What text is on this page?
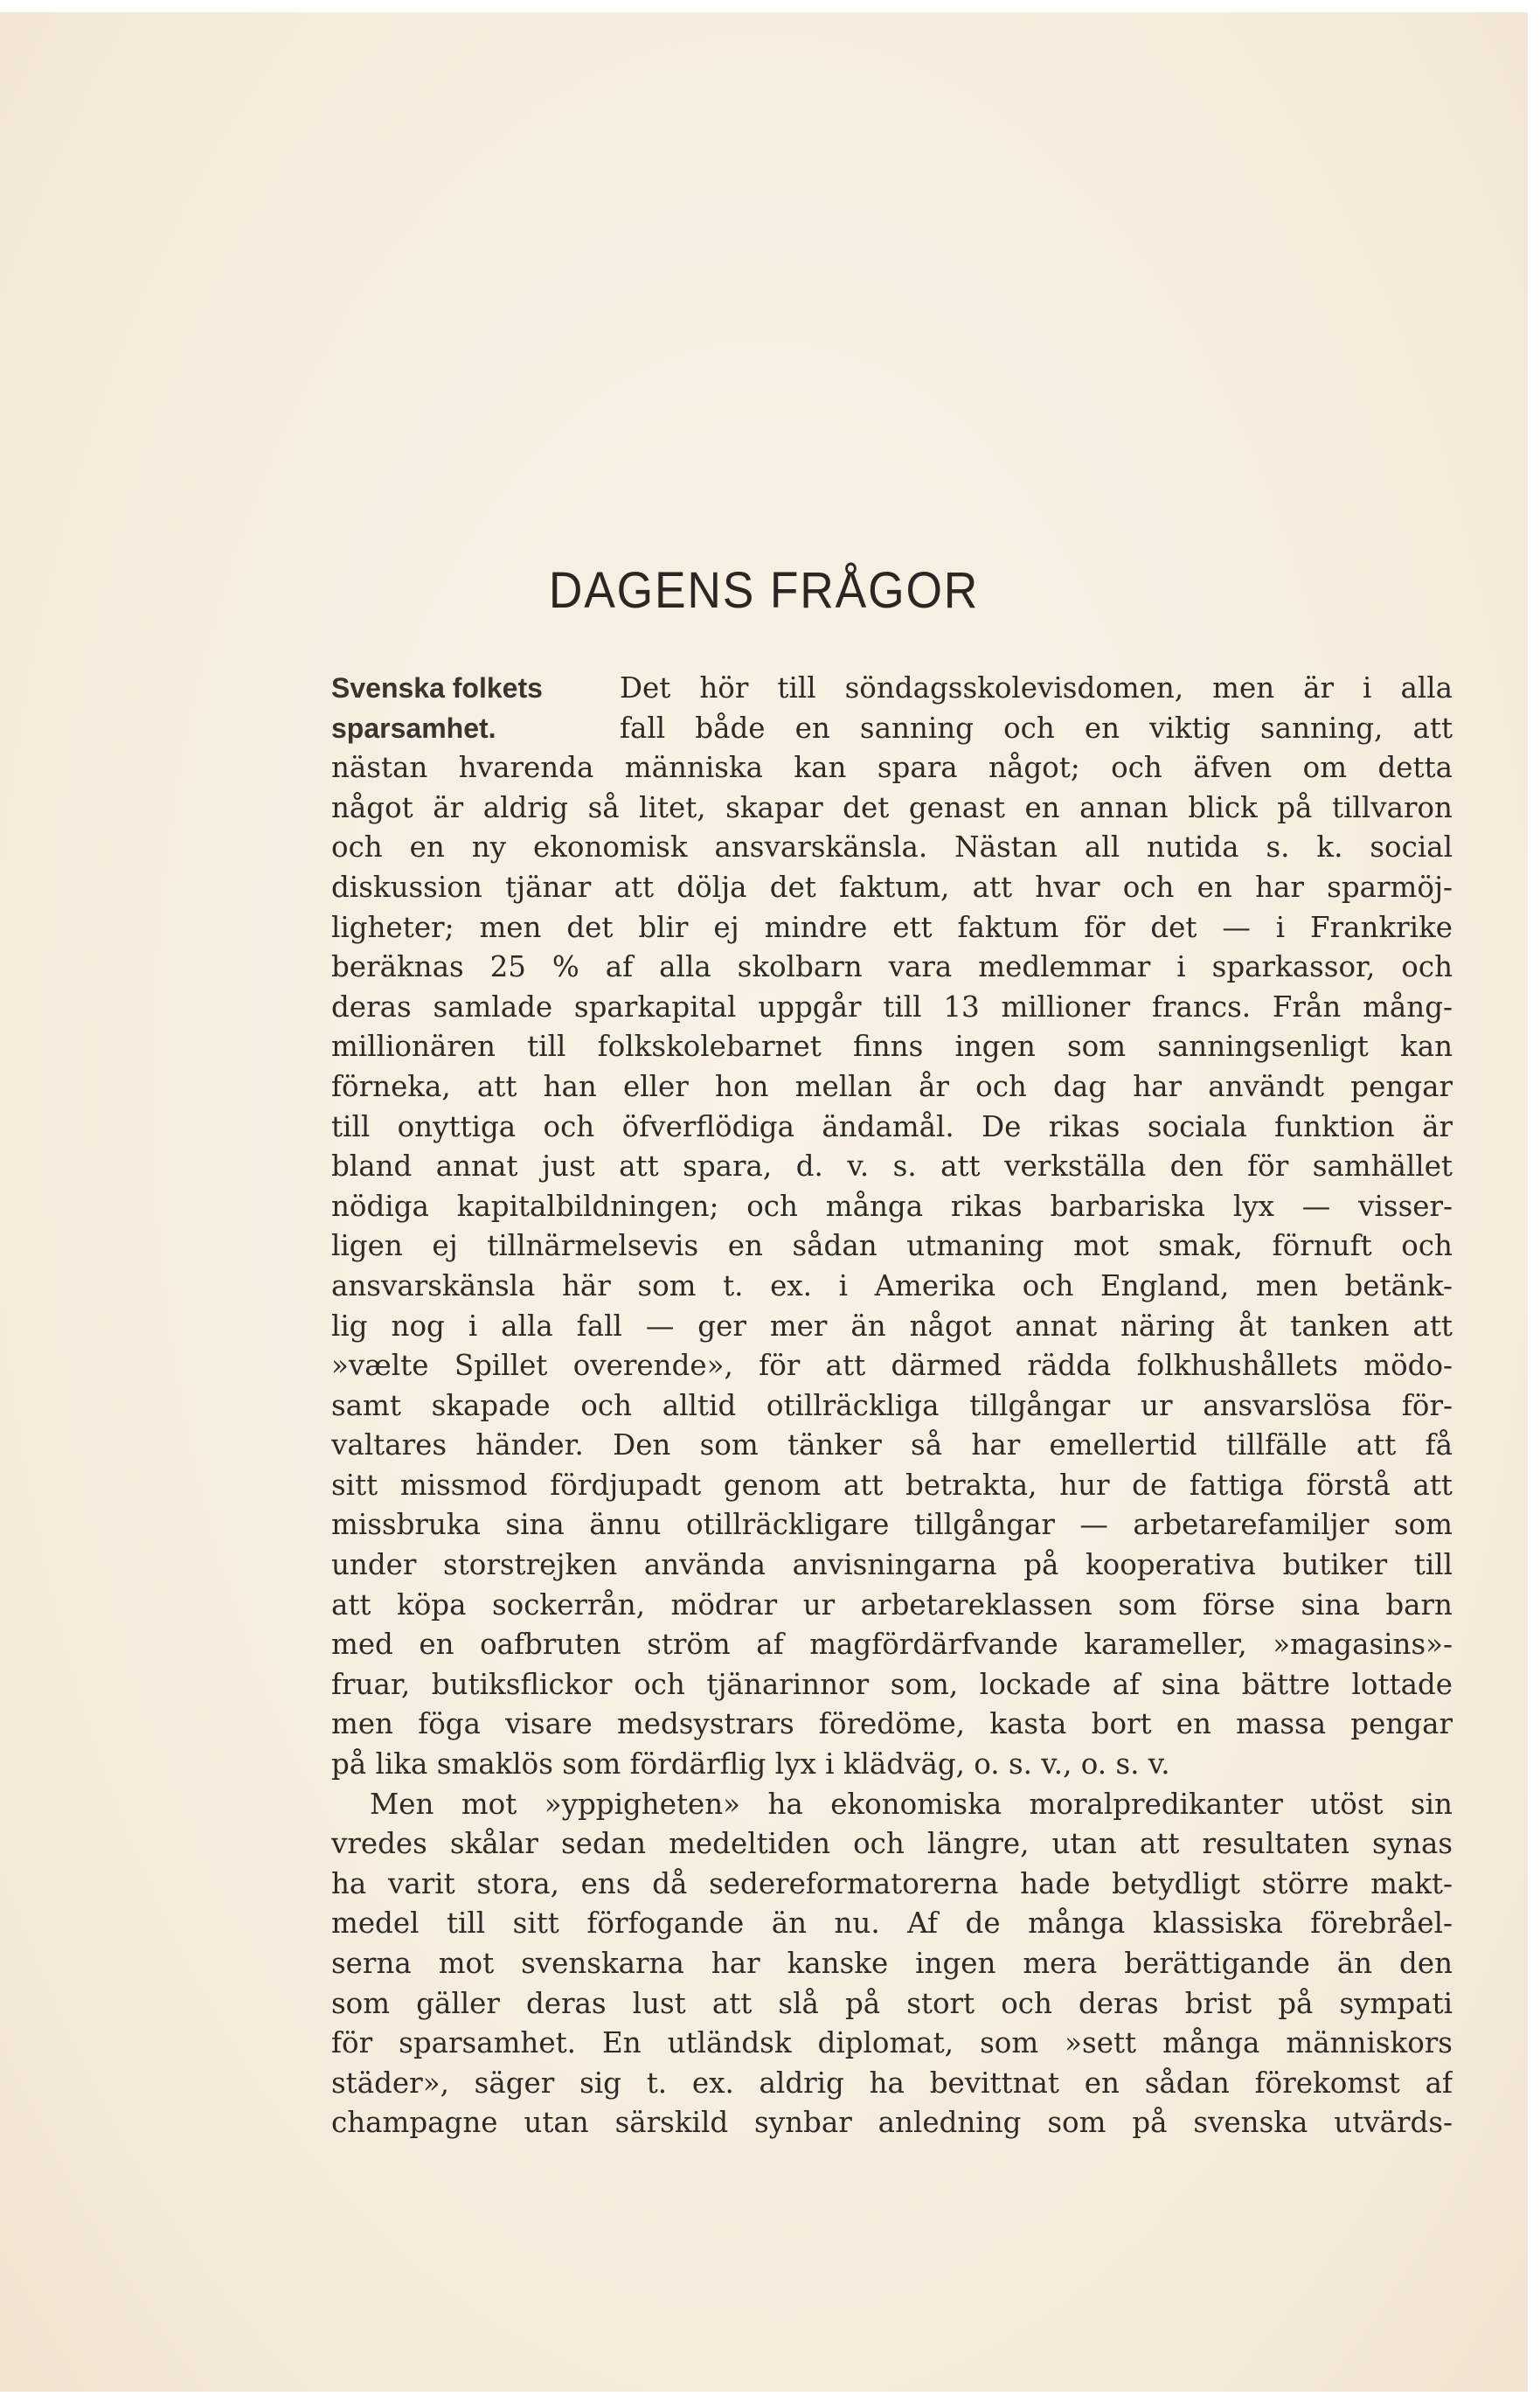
DAGENS FRÅGOR
Svenska folkets	Det hör till söndagsskolevisdomen, men är i alla
sparsamhet.	fall både en sanning och en viktig sanning, att
nästan hvarenda människa kan spara något; och äfven om detta
något är aldrig så litet, skapar det genast en annan blick på tillvaron
och en ny ekonomisk ansvarskänsla. Nästan all nutida s. k. social
diskussion tjänar att dölja det faktum, att hvar och en har sparmöj-
ligheter; men det blir ej mindre ett faktum för det — i Frankrike
beräknas 25 % af alla skolbarn vara medlemmar i sparkassor, och
deras samlade sparkapital uppgår till 13 millioner francs. Från mång-
millionären till folkskolebarnet finns ingen som sanningsenligt kan
förneka, att han eller hon mellan år och dag har användt pengar
till onyttiga och öfverflödiga ändamål. De rikas sociala funktion är
bland annat just att spara, d. v. s. att verkställa den för samhället
nödiga kapitalbildningen; och många rikas barbariska lyx — visser-
ligen ej tillnärmelsevis en sådan utmaning mot smak, förnuft och
ansvarskänsla här som t. ex. i Amerika och England, men betänk-
lig nog i alla fall — ger mer än något annat näring åt tanken att
»vælte Spillet overende», för att därmed rädda folkhushållets mödo-
samt skapade och alltid otillräckliga tillgångar ur ansvarslösa för-
valtares händer. Den som tänker så har emellertid tillfälle att få
sitt missmod fördjupadt genom att betrakta, hur de fattiga förstå att
missbruka sina ännu otillräckligare tillgångar — arbetarefamiljer som
under storstrejken använda anvisningarna på kooperativa butiker till
att köpa sockerrån, mödrar ur arbetareklassen som förse sina barn
med en oafbruten ström af magfördärfvande karameller, »magasins»-
fruar, butiksflickor och tjänarinnor som, lockade af sina bättre lottade
men föga visare medsystrars föredöme, kasta bort en massa pengar
på lika smaklös som fördärflig lyx i klädväg, o. s. v., o. s. v.
Men mot »yppigheten» ha ekonomiska moralpredikanter utöst sin
vredes skålar sedan medeltiden och längre, utan att resultaten synas
ha varit stora, ens då sedereformatorerna hade betydligt större makt-
medel till sitt förfogande än nu. Af de många klassiska förebråel-
serna mot svenskarna har kanske ingen mera berättigande än den
som gäller deras lust att slå på stort och deras brist på sympati
för sparsamhet. En utländsk diplomat, som »sett många människors
städer», säger sig t. ex. aldrig ha bevittnat en sådan förekomst af
champagne utan särskild synbar anledning som på svenska utvärds-
